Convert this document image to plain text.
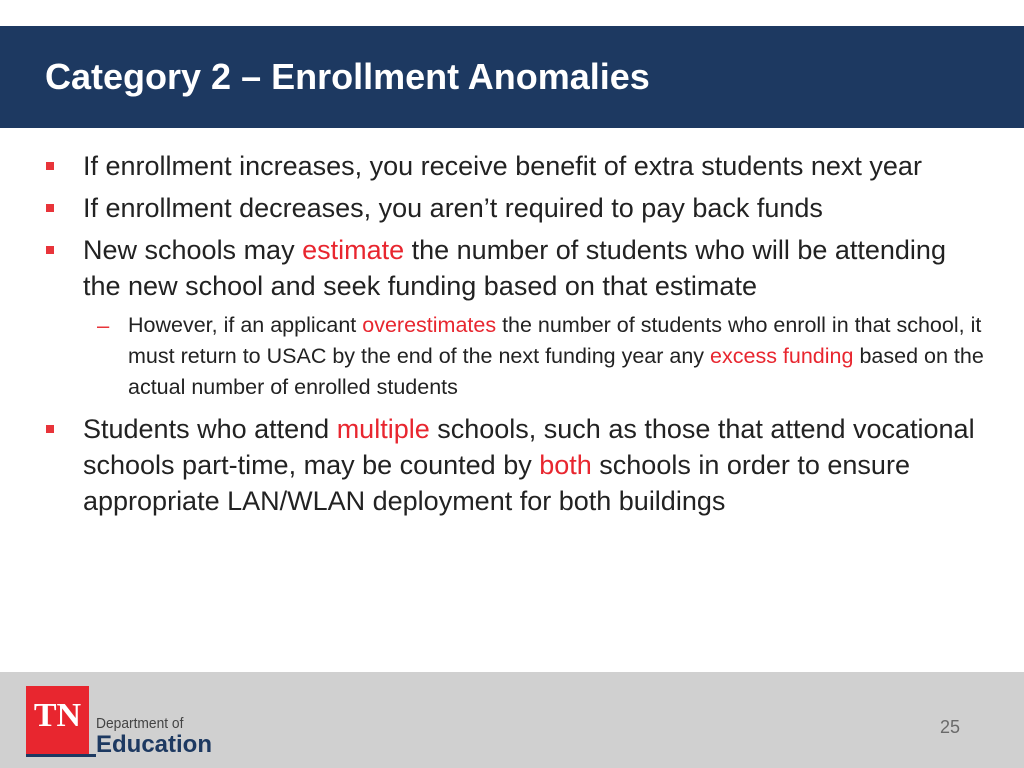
Category 2 – Enrollment Anomalies
If enrollment increases, you receive benefit of extra students next year
If enrollment decreases, you aren’t required to pay back funds
New schools may estimate the number of students who will be attending the new school and seek funding based on that estimate
– However, if an applicant overestimates the number of students who enroll in that school, it must return to USAC by the end of the next funding year any excess funding based on the actual number of enrolled students
Students who attend multiple schools, such as those that attend vocational schools part-time, may be counted by both schools in order to ensure appropriate LAN/WLAN deployment for both buildings
TN Department of
Education
25
